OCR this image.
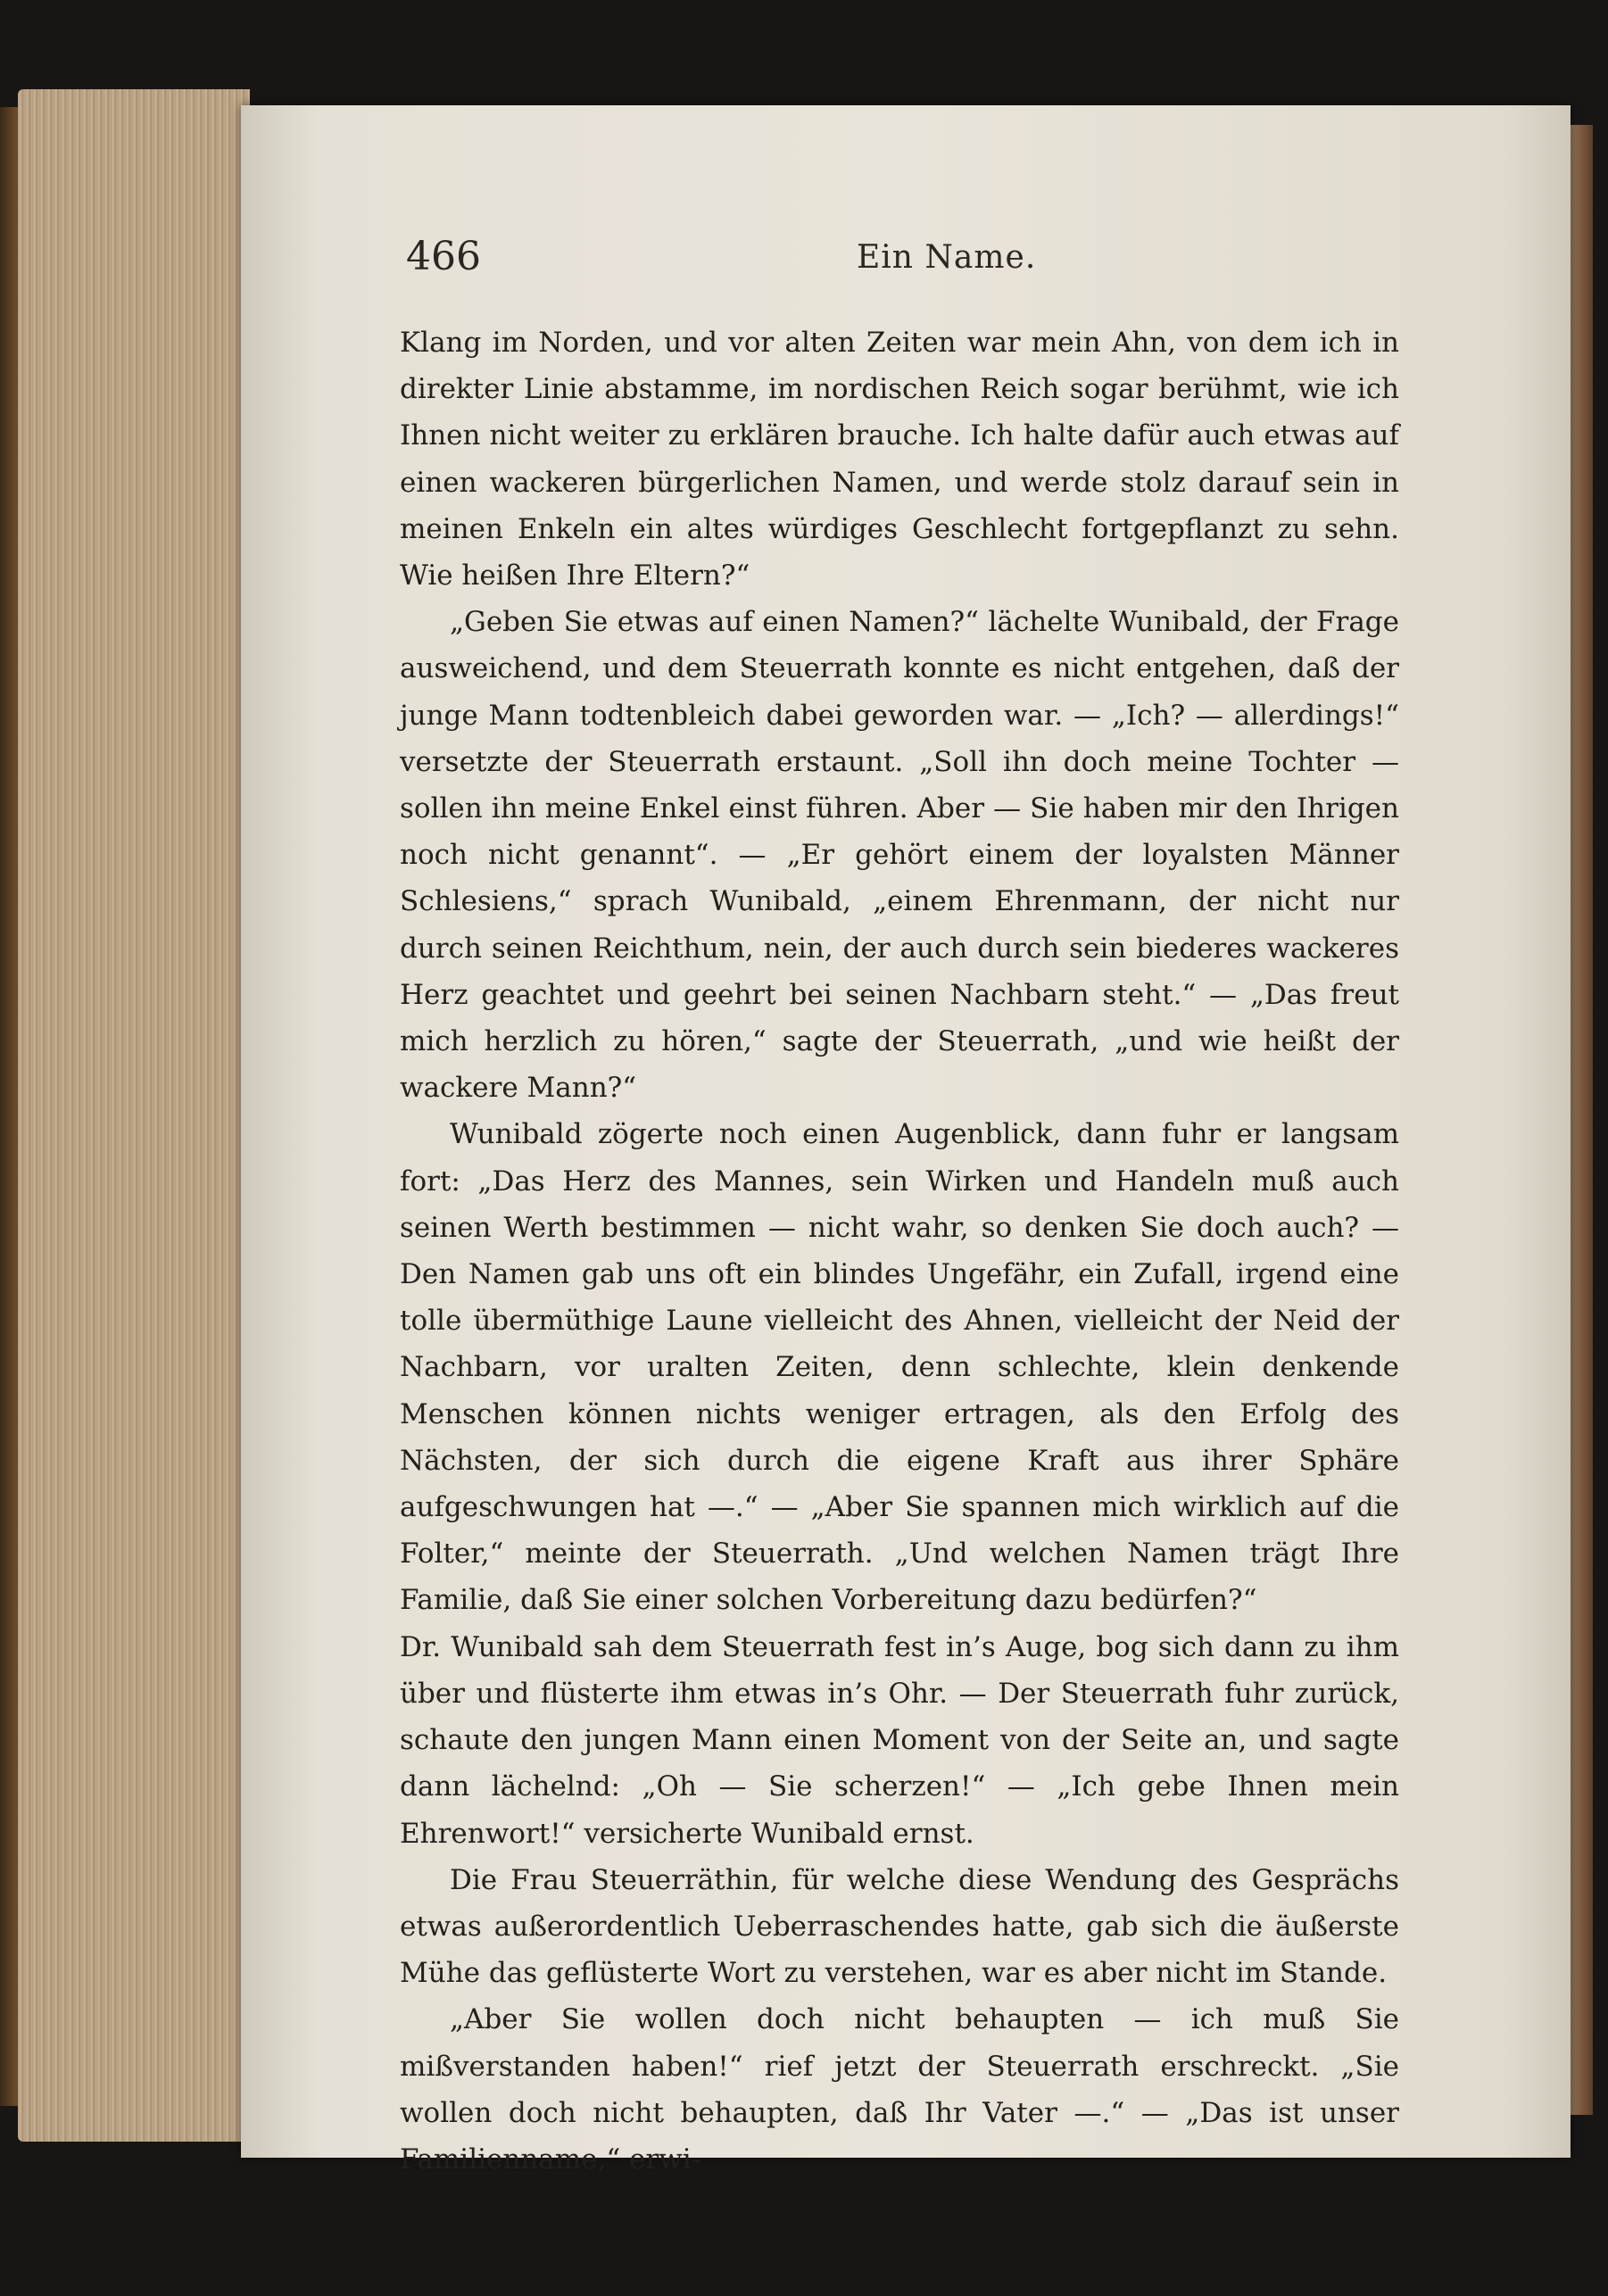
466	Ein Name.

Klang im Norden, und vor alten Zeiten war mein Ahn, von dem ich in direkter Linie abstamme, im nordischen Reich sogar berühmt, wie ich Ihnen nicht weiter zu erklären brauche. Ich halte dafür auch etwas auf einen wackeren bürgerlichen Namen, und werde stolz darauf sein in meinen Enkeln ein altes würdiges Geschlecht fortgepflanzt zu sehn. Wie heißen Ihre Eltern?“

„Geben Sie etwas auf einen Namen?“ lächelte Wunibald, der Frage ausweichend, und dem Steuerrath konnte es nicht entgehen, daß der junge Mann todtenbleich dabei geworden war. — „Ich? — allerdings!“ versetzte der Steuerrath erstaunt. „Soll ihn doch meine Tochter — sollen ihn meine Enkel einst führen. Aber — Sie haben mir den Ihrigen noch nicht genannt“. — „Er gehört einem der loyalsten Männer Schlesiens,“ sprach Wunibald, „einem Ehrenmann, der nicht nur durch seinen Reichthum, nein, der auch durch sein biederes wackeres Herz geachtet und geehrt bei seinen Nachbarn steht.“ — „Das freut mich herzlich zu hören,“ sagte der Steuerrath, „und wie heißt der wackere Mann?“

Wunibald zögerte noch einen Augenblick, dann fuhr er langsam fort: „Das Herz des Mannes, sein Wirken und Handeln muß auch seinen Werth bestimmen — nicht wahr, so denken Sie doch auch? — Den Namen gab uns oft ein blindes Ungefähr, ein Zufall, irgend eine tolle übermüthige Laune vielleicht des Ahnen, vielleicht der Neid der Nachbarn, vor uralten Zeiten, denn schlechte, klein denkende Menschen können nichts weniger ertragen, als den Erfolg des Nächsten, der sich durch die eigene Kraft aus ihrer Sphäre aufgeschwungen hat —.“ — „Aber Sie spannen mich wirklich auf die Folter,“ meinte der Steuerrath. „Und welchen Namen trägt Ihre Familie, daß Sie einer solchen Vorbereitung dazu bedürfen?“

Dr. Wunibald sah dem Steuerrath fest in’s Auge, bog sich dann zu ihm über und flüsterte ihm etwas in’s Ohr. — Der Steuerrath fuhr zurück, schaute den jungen Mann einen Moment von der Seite an, und sagte dann lächelnd: „Oh — Sie scherzen!“ — „Ich gebe Ihnen mein Ehrenwort!“ versicherte Wunibald ernst.

Die Frau Steuerräthin, für welche diese Wendung des Gesprächs etwas außerordentlich Ueberraschendes hatte, gab sich die äußerste Mühe das geflüsterte Wort zu verstehen, war es aber nicht im Stande.

„Aber Sie wollen doch nicht behaupten — ich muß Sie mißverstanden haben!“ rief jetzt der Steuerrath erschreckt. „Sie wollen doch nicht behaupten, daß Ihr Vater —.“ — „Das ist unser Familienname,“ erwi-
